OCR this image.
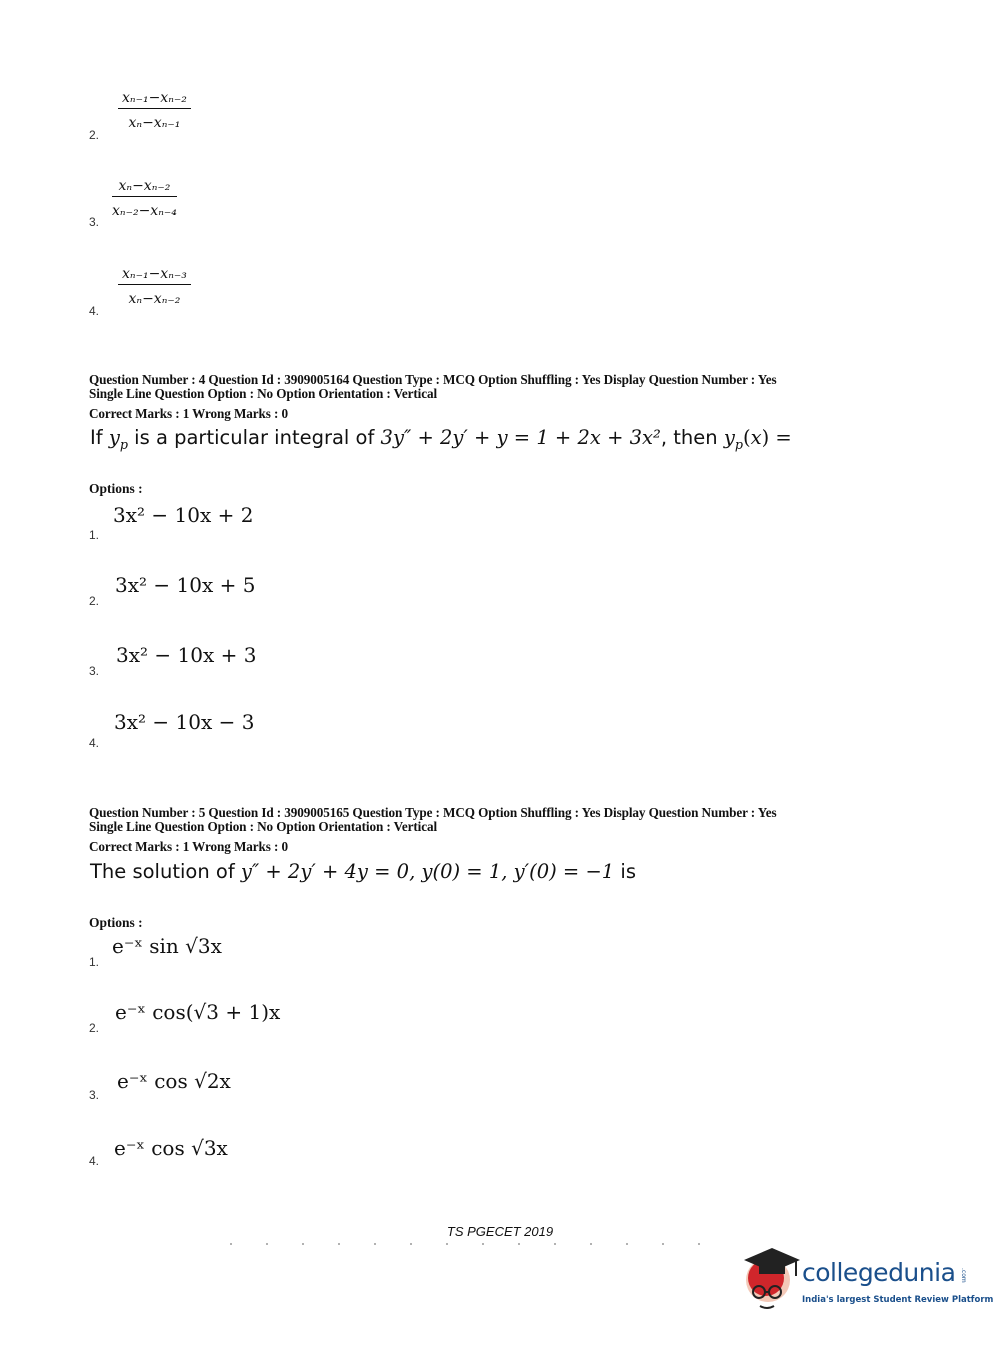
$\frac{\text{xₙ₋₁−xₙ₋₂}}{\text{xₙ−xₙ₋₁}}$
2.
$\frac{\text{xₙ−xₙ₋₂}}{\text{xₙ₋₂−xₙ₋₄}}$
3.
$\frac{\text{xₙ₋₁−xₙ₋₃}}{\text{xₙ−xₙ₋₂}}$
4.
Question Number : 4 Question Id : 3909005164 Question Type : MCQ Option Shuffling : Yes Display Question Number : Yes
Single Line Question Option : No Option Orientation : Vertical
Correct Marks : 1 Wrong Marks : 0
If $y_p$ is a particular integral of 3y″ + 2y′ + y = 1 + 2x + 3x², then $y_p(x)$ =
Options :
3x² − 10x + 2
1.
3x² − 10x + 5
2.
3x² − 10x + 3
3.
3x² − 10x − 3
4.
Question Number : 5 Question Id : 3909005165 Question Type : MCQ Option Shuffling : Yes Display Question Number : Yes
Single Line Question Option : No Option Orientation : Vertical
Correct Marks : 1 Wrong Marks : 0
The solution of y″ + 2y′ + 4y = 0, y(0) = 1, y′(0) = −1 is
Options :
e⁻ˣ sin √3x
1.
e⁻ˣ cos(√3 + 1)x
2.
e⁻ˣ cos √2x
3.
e⁻ˣ cos √3x
4.
TS PGECET 2019
collegedunia .com
India's largest Student Review Platform
